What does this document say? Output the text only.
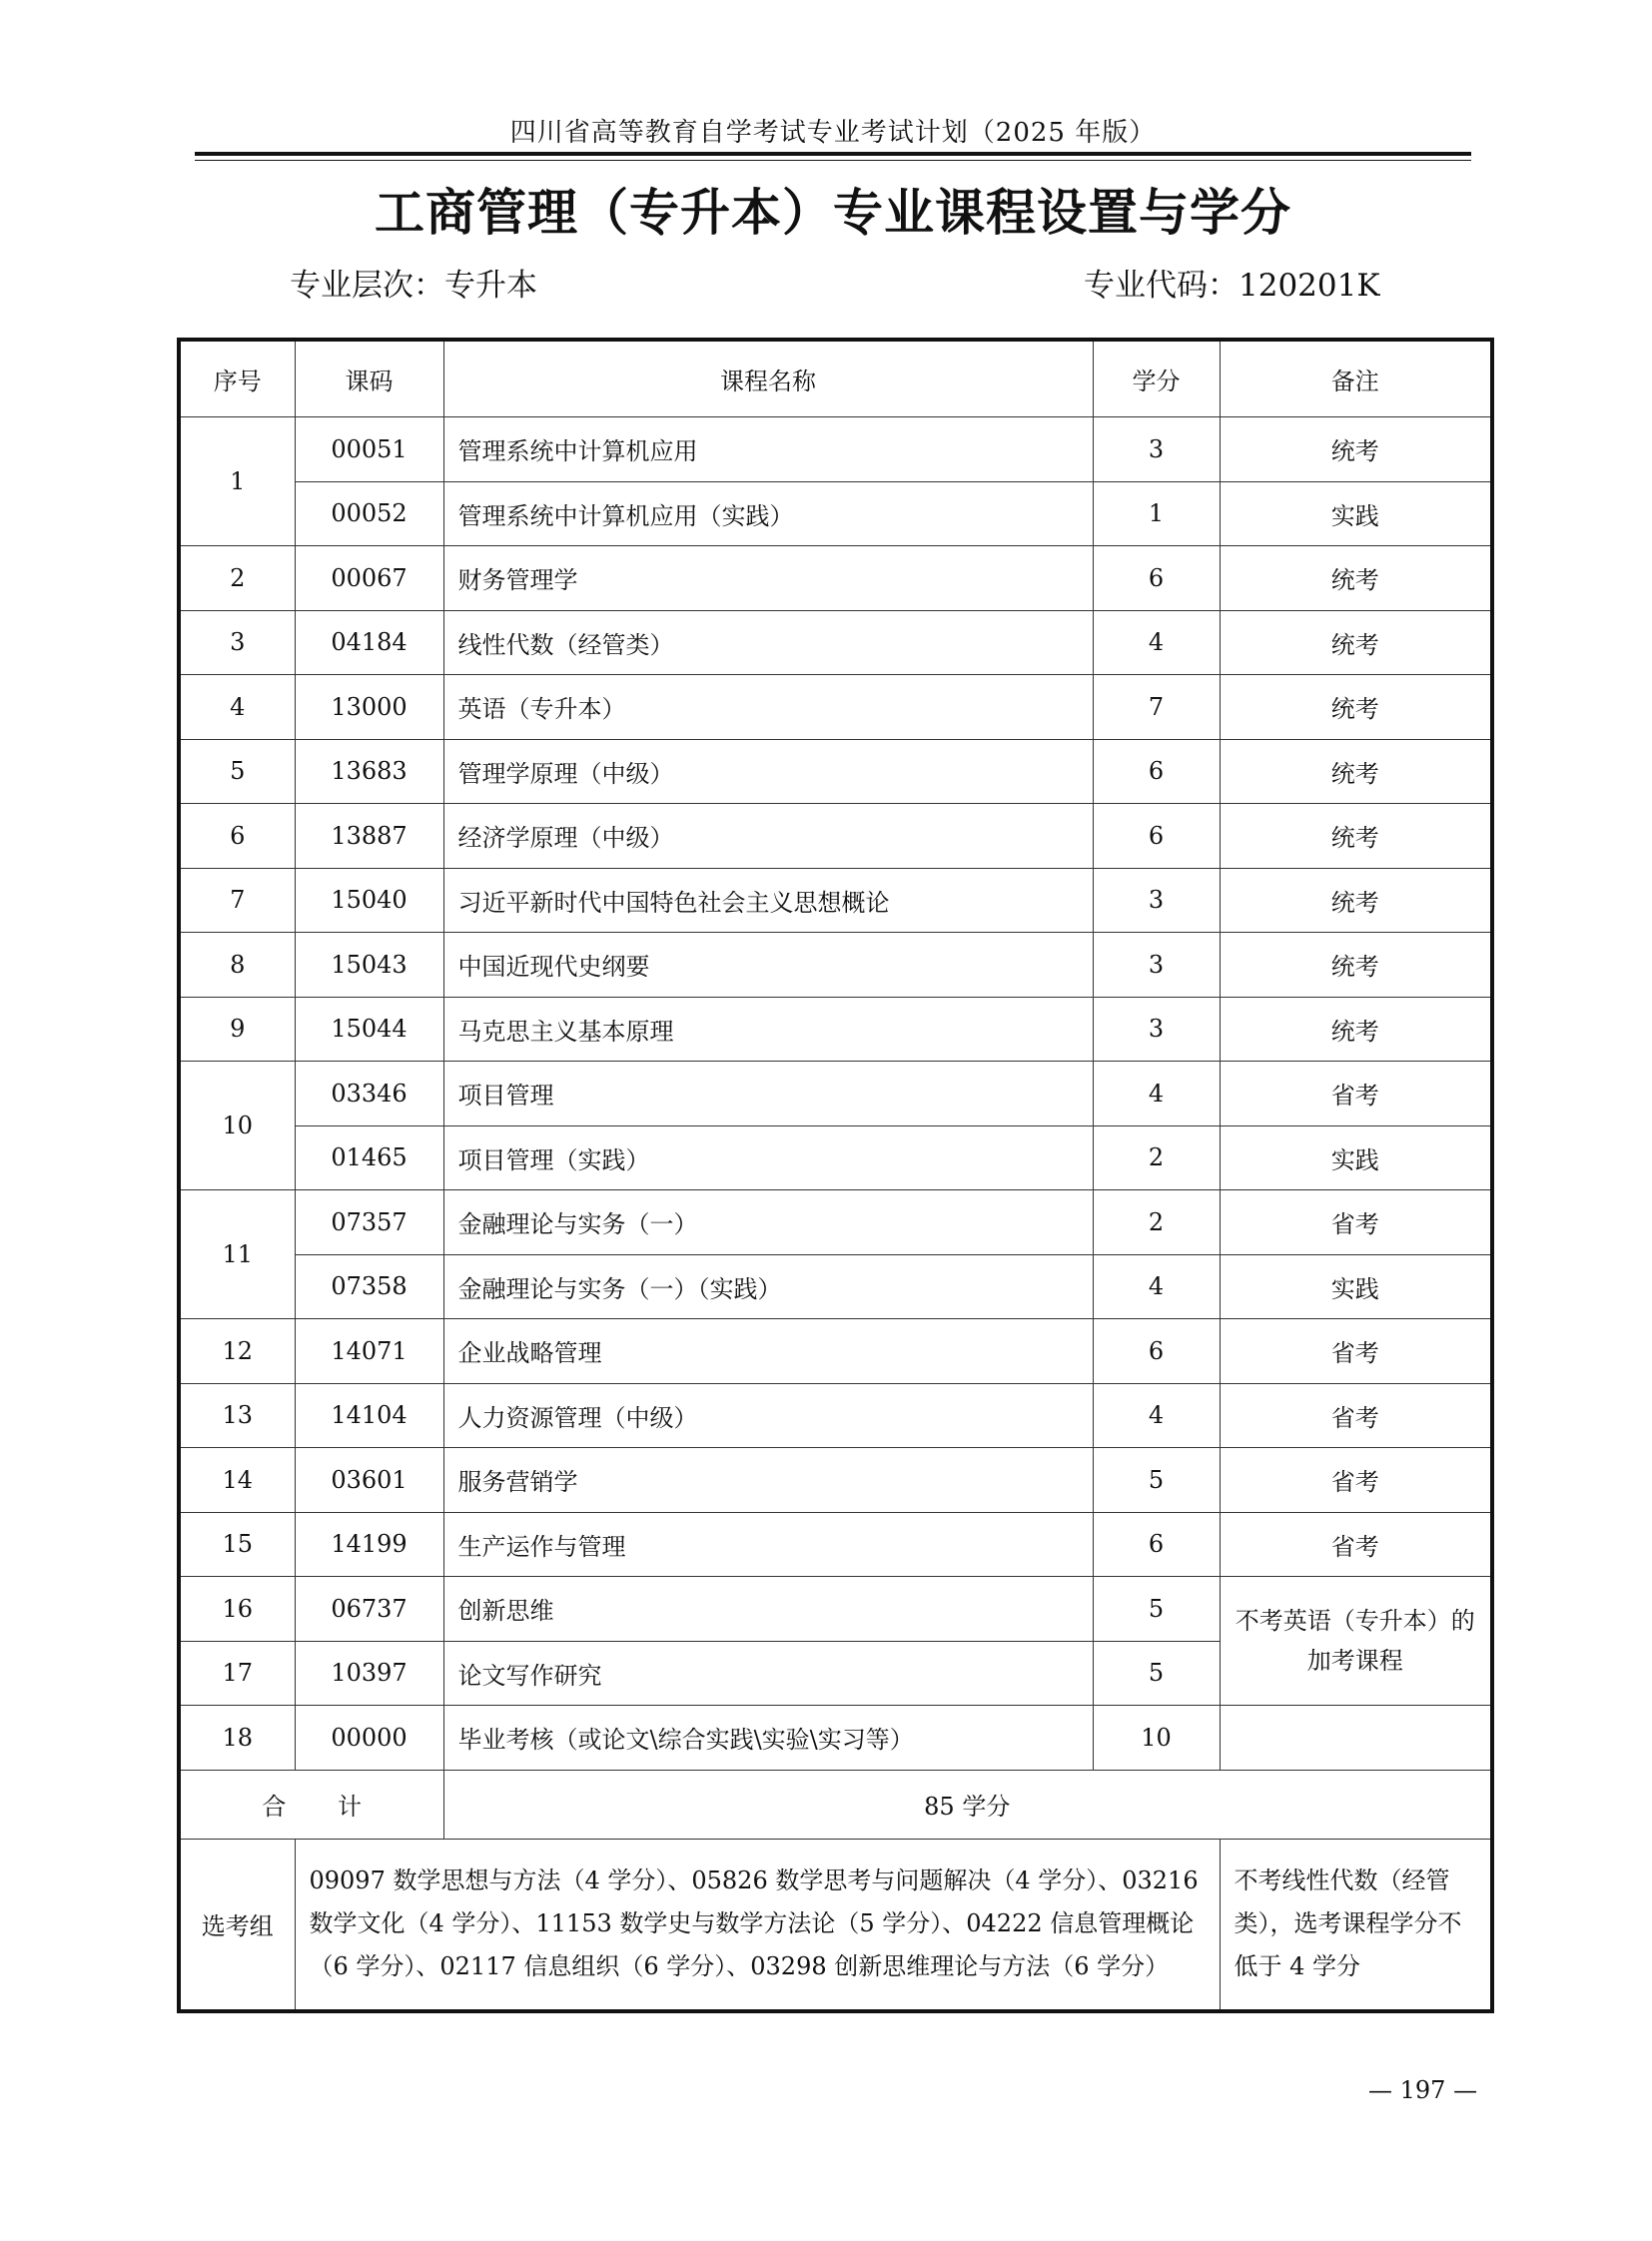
四川省高等教育自学考试专业考试计划（2025 年版）
工商管理（专升本）专业课程设置与学分
专业层次：专升本	专业代码：120201K
序号	课码	课程名称	学分	备注
1	00051	管理系统中计算机应用	3	统考
	00052	管理系统中计算机应用（实践）	1	实践
2	00067	财务管理学	6	统考
3	04184	线性代数（经管类）	4	统考
4	13000	英语（专升本）	7	统考
5	13683	管理学原理（中级）	6	统考
6	13887	经济学原理（中级）	6	统考
7	15040	习近平新时代中国特色社会主义思想概论	3	统考
8	15043	中国近现代史纲要	3	统考
9	15044	马克思主义基本原理	3	统考
10	03346	项目管理	4	省考
	01465	项目管理（实践）	2	实践
11	07357	金融理论与实务（一）	2	省考
	07358	金融理论与实务（一）（实践）	4	实践
12	14071	企业战略管理	6	省考
13	14104	人力资源管理（中级）	4	省考
14	03601	服务营销学	5	省考
15	14199	生产运作与管理	6	省考
16	06737	创新思维	5	不考英语（专升本）的
加考课程
17	10397	论文写作研究	5	
18	00000	毕业考核（或论文\综合实践\实验\实习等）	10	
合 计		85 学分		
选考组	09097 数学思想与方法（4 学分）、05826 数学思考与问题解决（4 学分）、03216
数学文化（4 学分）、11153 数学史与数学方法论（5 学分）、04222 信息管理概论
（6 学分）、02117 信息组织（6 学分）、03298 创新思维理论与方法（6 学分）			不考线性代数（经管
类），选考课程学分不
低于 4 学分
— 197 —
